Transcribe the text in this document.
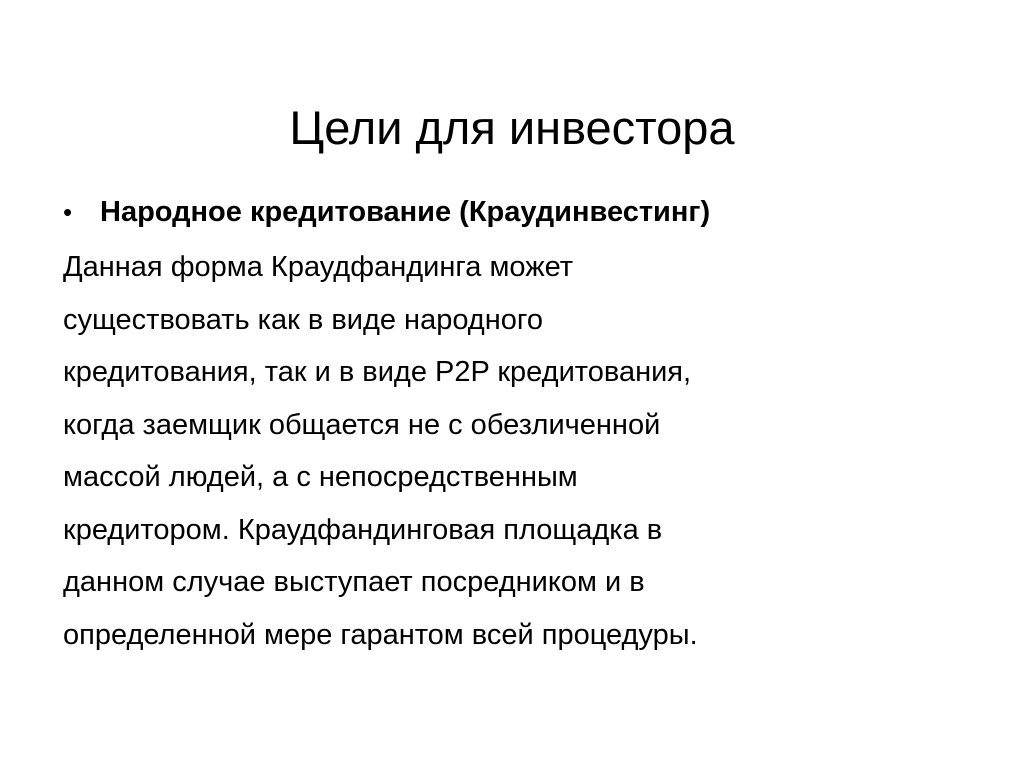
Цели для инвестора
• Народное кредитование (Краудинвестинг)
Данная форма Краудфандинга может
существовать как в виде народного
кредитования, так и в виде P2P кредитования,
когда заемщик общается не с обезличенной
массой людей, а с непосредственным
кредитором. Краудфандинговая площадка в
данном случае выступает посредником и в
определенной мере гарантом всей процедуры.
